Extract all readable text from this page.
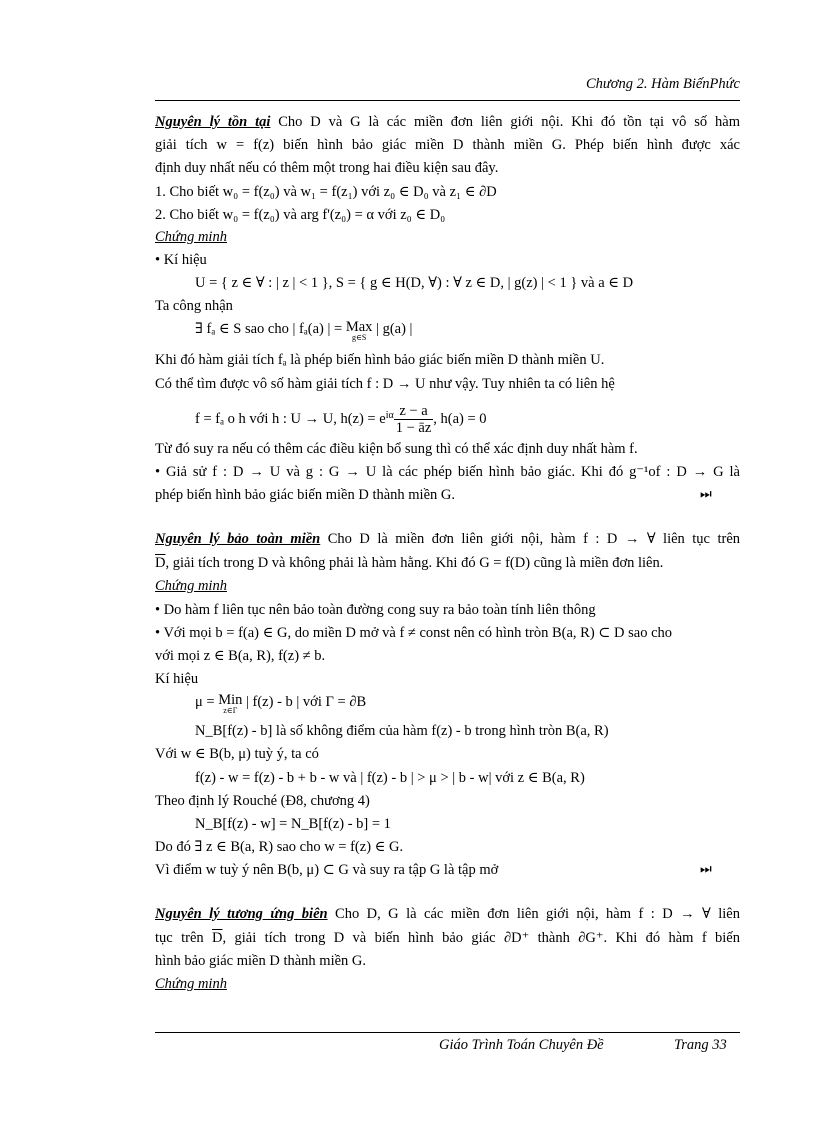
Chương 2. Hàm BiếnPhức
Nguyên lý tồn tại Cho D và G là các miền đơn liên giới nội. Khi đó tồn tại vô số hàm
giải tích w = f(z) biến hình bảo giác miền D thành miền G. Phép biến hình được xác
định duy nhất nếu có thêm một trong hai điều kiện sau đây.
1. Cho biết w₀ = f(z₀) và w₁ = f(z₁) với z₀ ∈ D₀ và z₁ ∈ ∂D
2. Cho biết w₀ = f(z₀) và arg f'(z₀) = α với z₀ ∈ D₀
Chứng minh
• Kí hiệu
U = { z ∈ ∀ : | z | < 1 }, S = { g ∈ H(D, ∀) : ∀ z ∈ D, | g(z) | < 1 } và a ∈ D
Ta công nhận
∃ fₐ ∈ S sao cho | fₐ(a) | = Max
g∈S
| g(a) |
Khi đó hàm giải tích fₐ là phép biến hình bảo giác biến miền D thành miền U.
Có thể tìm được vô số hàm giải tích f : D → U như vậy. Tuy nhiên ta có liên hệ
f = fₐ o h với h : U → U, $h(z) = e^{i\alpha} \frac{z - a}{1 - āz}$ , h(a) = 0
Từ đó suy ra nếu có thêm các điều kiện bổ sung thì có thể xác định duy nhất hàm f.
• Giả sử f : D → U và g : G → U là các phép biến hình bảo giác. Khi đó g⁻¹of : D → G là
phép biến hình bảo giác biến miền D thành miền G.	⏭
Nguyên lý bảo toàn miền Cho D là miền đơn liên giới nội, hàm f : D → ∀ liên tục trên
$\overline{D}$, giải tích trong D và không phải là hàm hằng. Khi đó G = f(D) cũng là miền đơn liên.
Chứng minh
• Do hàm f liên tục nên bảo toàn đường cong suy ra bảo toàn tính liên thông
• Với mọi b = f(a) ∈ G, do miền D mở và f ≠ const nên có hình tròn B(a, R) ⊂ D sao cho
với mọi z ∈ B(a, R), f(z) ≠ b.
Kí hiệu
μ = Min
z∈Γ
| f(z) - b | với Γ = ∂B
N_B[f(z) - b] là số không điểm của hàm f(z) - b trong hình tròn B(a, R)
Với w ∈ B(b, μ) tuỳ ý, ta có
f(z) - w = f(z) - b + b - w và | f(z) - b | > μ > | b - w| với z ∈ B(a, R)
Theo định lý Rouché (Đ8, chương 4)
N_B[f(z) - w] = N_B[f(z) - b] = 1
Do đó ∃ z ∈ B(a, R) sao cho w = f(z) ∈ G.
Vì điểm w tuỳ ý nên B(b, μ) ⊂ G và suy ra tập G là tập mở	⏭
Nguyên lý tương ứng biên Cho D, G là các miền đơn liên giới nội, hàm f : D → ∀ liên
tục trên $\overline{D}$, giải tích trong D và biến hình bảo giác ∂D⁺ thành ∂G⁺. Khi đó hàm f biến
hình bảo giác miền D thành miền G.
Chứng minh
Giáo Trình Toán Chuyên Đề	Trang 33
